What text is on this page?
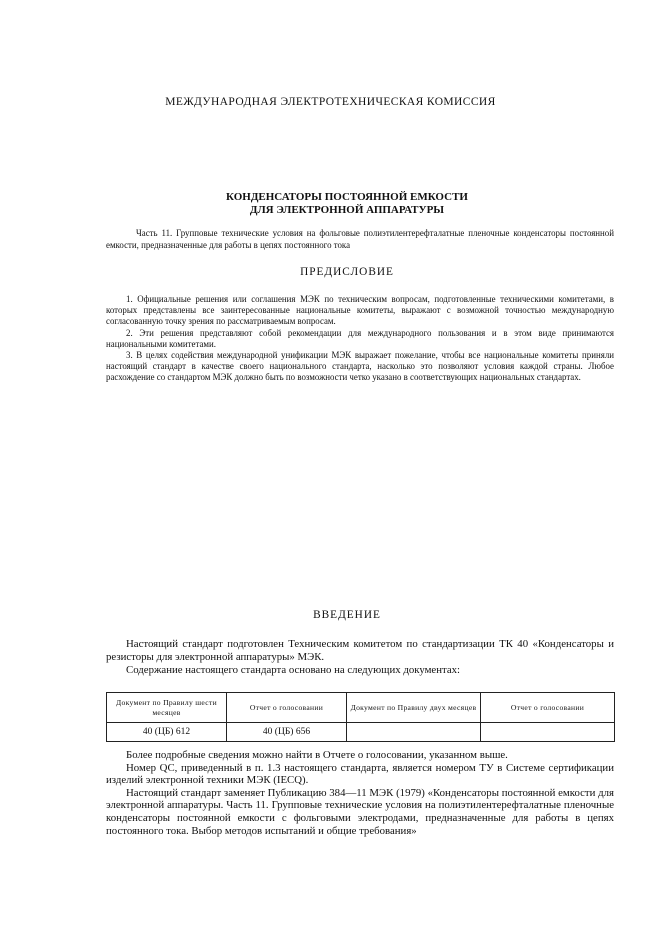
МЕЖДУНАРОДНАЯ ЭЛЕКТРОТЕХНИЧЕСКАЯ КОМИССИЯ
КОНДЕНСАТОРЫ ПОСТОЯННОЙ ЕМКОСТИ
ДЛЯ ЭЛЕКТРОННОЙ АППАРАТУРЫ
Часть 11. Групповые технические условия на фольговые полиэтилентерефталатные пленочные конденсаторы постоянной емкости, предназначенные для работы в цепях постоянного тока
ПРЕДИСЛОВИЕ

1. Официальные решения или соглашения МЭК по техническим вопросам, подготовленные техническими комитетами, в которых представлены все заинтересованные национальные комитеты, выражают с возможной точностью международную согласованную точку зрения по рассматриваемым вопросам.

2. Эти решения представляют собой рекомендации для международного пользования и в этом виде принимаются национальными комитетами.

3. В целях содействия международной унификации МЭК выражает пожелание, чтобы все национальные комитеты приняли настоящий стандарт в качестве своего национального стандарта, насколько это позволяют условия каждой страны. Любое расхождение со стандартом МЭК должно быть по возможности четко указано в соответствующих национальных стандартах.

ВВЕДЕНИЕ

Настоящий стандарт подготовлен Техническим комитетом по стандартизации ТК 40 «Конденсаторы и резисторы для электронной аппаратуры» МЭК.

Содержание настоящего стандарта основано на следующих документах:

Документ по Правилу шести месяцев	Отчет о голосовании	Документ по Правилу двух месяцев	Отчет о голосовании
40 (ЦБ) 612	40 (ЦБ) 656		

Более подробные сведения можно найти в Отчете о голосовании, указанном выше.

Номер QC, приведенный в п. 1.3 настоящего стандарта, является номером ТУ в Системе сертификации изделий электронной техники МЭК (IECQ).

Настоящий стандарт заменяет Публикацию 384—11 МЭК (1979) «Конденсаторы постоянной емкости для электронной аппаратуры. Часть 11. Групповые технические условия на полиэтилентерефталатные пленочные конденсаторы постоянной емкости с фольговыми электродами, предназначенные для работы в цепях постоянного тока. Выбор методов испытаний и общие требования»
